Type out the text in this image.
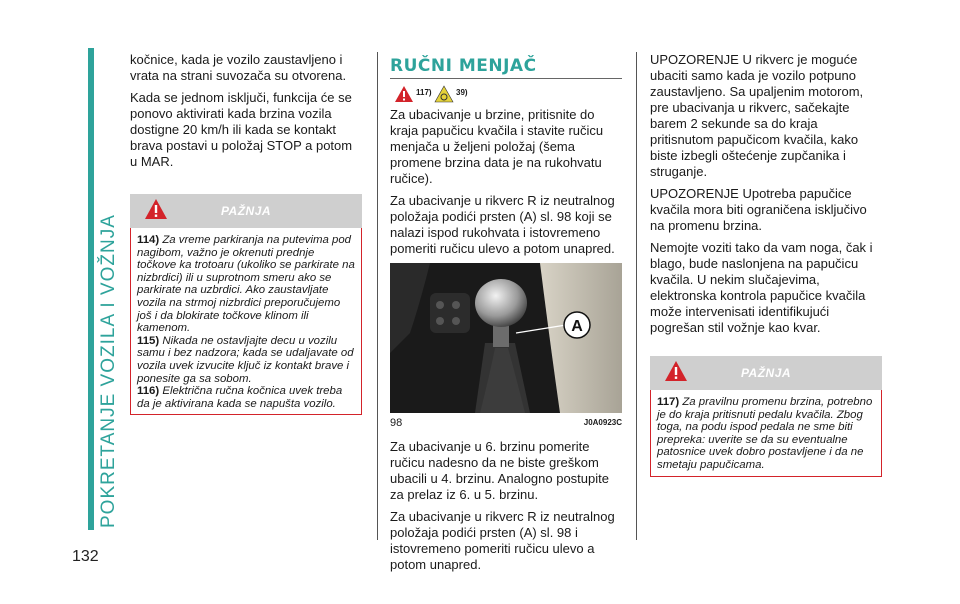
POKRETANJE VOZILA I VOŽNJA
132

kočnice, kada je vozilo zaustavljeno i vrata na strani suvozača su otvorena.

Kada se jednom isključi, funkcija će se ponovo aktivirati kada brzina vozila dostigne 20 km/h ili kada se kontakt brava postavi u položaj STOP a potom u MAR.

PAŽNJA
114) Za vreme parkiranja na putevima pod nagibom, važno je okrenuti prednje točkove ka trotoaru (ukoliko se parkirate na nizbrdici) ili u suprotnom smeru ako se parkirate na uzbrdici. Ako zaustavljate vozila na strmoj nizbrdici preporučujemo još i da blokirate točkove klinom ili kamenom.
115) Nikada ne ostavljajte decu u vozilu samu i bez nadzora; kada se udaljavate od vozila uvek izvucite ključ iz kontakt brave i ponesite ga sa sobom.
116) Električna ručna kočnica uvek treba da je aktivirana kada se napušta vozilo.
RUČNI MENJAČ
117)	39)

Za ubacivanje u brzine, pritisnite do kraja papučicu kvačila i stavite ručicu menjača u željeni položaj (šema promene brzina data je na rukohvatu ručice).

Za ubacivanje u rikverc R iz neutralnog položaja podići prsten (A) sl. 98 koji se nalazi ispod rukohvata i istovremeno pomeriti ručicu ulevo a potom unapred.

A
98	J0A0923C

Za ubacivanje u 6. brzinu pomerite ručicu nadesno da ne biste greškom ubacili u 4. brzinu. Analogno postupite za prelaz iz 6. u 5. brzinu.

Za ubacivanje u rikverc R iz neutralnog položaja podići prsten (A) sl. 98 i istovremeno pomeriti ručicu ulevo a potom unapred.

UPOZORENJE U rikverc je moguće ubaciti samo kada je vozilo potpuno zaustavljeno. Sa upaljenim motorom, pre ubacivanja u rikverc, sačekajte barem 2 sekunde sa do kraja pritisnutom papučicom kvačila, kako biste izbegli oštećenje zupčanika i struganje.

UPOZORENJE Upotreba papučice kvačila mora biti ograničena isključivo na promenu brzina.

Nemojte voziti tako da vam noga, čak i blago, bude naslonjena na papučicu kvačila. U nekim slučajevima, elektronska kontrola papučice kvačila može intervenisati identifikujući pogrešan stil vožnje kao kvar.

PAŽNJA
117) Za pravilnu promenu brzina, potrebno je do kraja pritisnuti pedalu kvačila. Zbog toga, na podu ispod pedala ne sme biti prepreka: uverite se da su eventualne patosnice uvek dobro postavljene i da ne smetaju papučicama.
